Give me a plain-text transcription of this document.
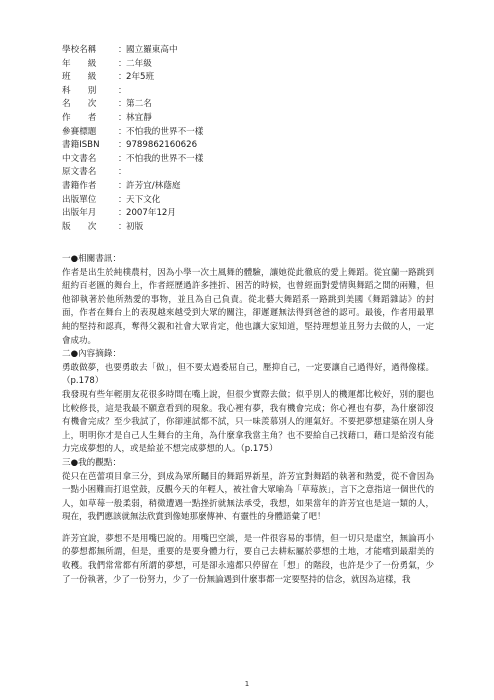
學校名稱	： 國立羅東高中
年　　級	： 二年級
班　　級	： 2年5班
科　　別	：
名　　次	： 第二名
作　　者	： 林宜靜
參賽標題	： 不怕我的世界不一樣
書籍ISBN	： 9789862160626
中文書名	： 不怕我的世界不一樣
原文書名	：
書籍作者	： 許芳宜/林蔭庭
出版單位	： 天下文化
出版年月	： 2007年12月
版　　次	： 初版
一●相關書訊：
作者是出生於純樸農村，因為小學一次土風舞的體驗，讓她從此徹底的愛上舞蹈。從宜蘭一路跳到紐約百老匯的舞台上，作者經歷過許多挫折、困苦的時候，也曾經面對愛情與舞蹈之間的兩難，但他卻執著於他所熱愛的事物，並且為自己負責。從北藝大舞蹈系一路跳到美國《舞蹈雜誌》的封面，作者在舞台上的表現越來越受到大眾的關注，卻遲遲無法得到爸爸的認可。最後，作者用最單純的堅持和認真，奪得父親和社會大眾肯定，他也讓大家知道，堅持理想並且努力去做的人，一定會成功。
二●內容摘錄：
勇敢做夢，也要勇敢去「做」，但不要太過委屈自己，壓抑自己，一定要讓自己過得好，過得像樣。（p.178）
我發現有些年輕朋友花很多時間在嘴上說，但很少實際去做；似乎別人的機運都比較好，別的腿也比較修長，這是我最不願意看到的現象。我心裡有夢，我有機會完成；你心裡也有夢，為什麼卻沒有機會完成？至少我試了，你卻連試都不試，只一味羨慕別人的運氣好。不要把夢想建築在別人身上，明明你才是自己人生舞台的主角，為什麼拿我當主角？也不要給自己找藉口，藉口是給沒有能力完成夢想的人，或是給並不想完成夢想的人。（p.175）
三●我的觀點：
從只在芭蕾項目拿三分，到成為眾所矚目的舞蹈界新星，許芳宜對舞蹈的執著和熱愛，從不會因為一點小困難而打退堂鼓，反觀今天的年輕人，被社會大眾喻為「草莓族」，言下之意指這一個世代的人，如草莓一般柔弱，稍微遭遇一點挫折就無法承受，我想，如果當年的許芳宜也是這一類的人，現在，我們應該就無法欣賞到像她那麼傳神、有靈性的身體語彙了吧！
許芳宜說，夢想不是用嘴巴說的。用嘴巴空談，是一件很容易的事情，但一切只是虛空，無論再小的夢想都無所謂，但是，重要的是要身體力行，要自己去耕耘屬於夢想的土地，才能嚐到最甜美的收穫。我們常常都有所謂的夢想，可是卻永遠都只停留在「想」的階段，也許是少了一份勇氣，少了一份執著，少了一份努力，少了一份無論遇到什麼事都一定要堅持的信念，就因為這樣，我
1
